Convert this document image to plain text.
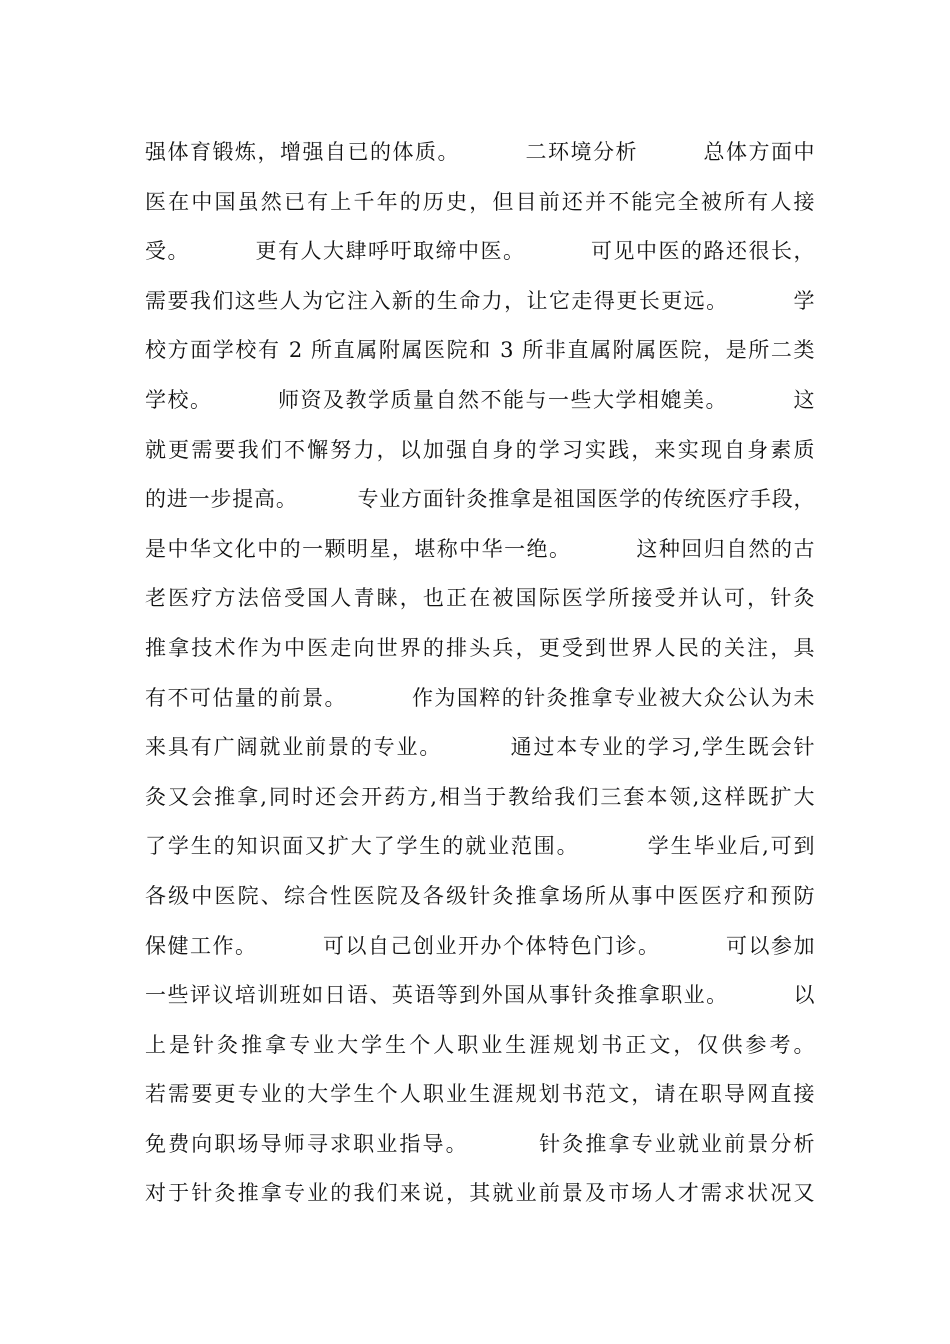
强体育锻炼，增强自已的体质。        二环境分析        总体方面中
医在中国虽然已有上千年的历史，但目前还并不能完全被所有人接
受。        更有人大肆呼吁取缔中医。        可见中医的路还很长，
需要我们这些人为它注入新的生命力，让它走得更长更远。        学
校方面学校有 2 所直属附属医院和 3 所非直属附属医院，是所二类
学校。        师资及教学质量自然不能与一些大学相媲美。        这
就更需要我们不懈努力，以加强自身的学习实践，来实现自身素质
的进一步提高。        专业方面针灸推拿是祖国医学的传统医疗手段，
是中华文化中的一颗明星，堪称中华一绝。        这种回归自然的古
老医疗方法倍受国人青睐，也正在被国际医学所接受并认可，针灸
推拿技术作为中医走向世界的排头兵，更受到世界人民的关注，具
有不可估量的前景。        作为国粹的针灸推拿专业被大众公认为未
来具有广阔就业前景的专业。        通过本专业的学习,学生既会针
灸又会推拿,同时还会开药方,相当于教给我们三套本领,这样既扩大
了学生的知识面又扩大了学生的就业范围。        学生毕业后,可到
各级中医院、综合性医院及各级针灸推拿场所从事中医医疗和预防
保健工作。        可以自己创业开办个体特色门诊。        可以参加
一些评议培训班如日语、英语等到外国从事针灸推拿职业。        以
上是针灸推拿专业大学生个人职业生涯规划书正文，仅供参考。
若需要更专业的大学生个人职业生涯规划书范文，请在职导网直接
免费向职场导师寻求职业指导。        针灸推拿专业就业前景分析
对于针灸推拿专业的我们来说，其就业前景及市场人才需求状况又
